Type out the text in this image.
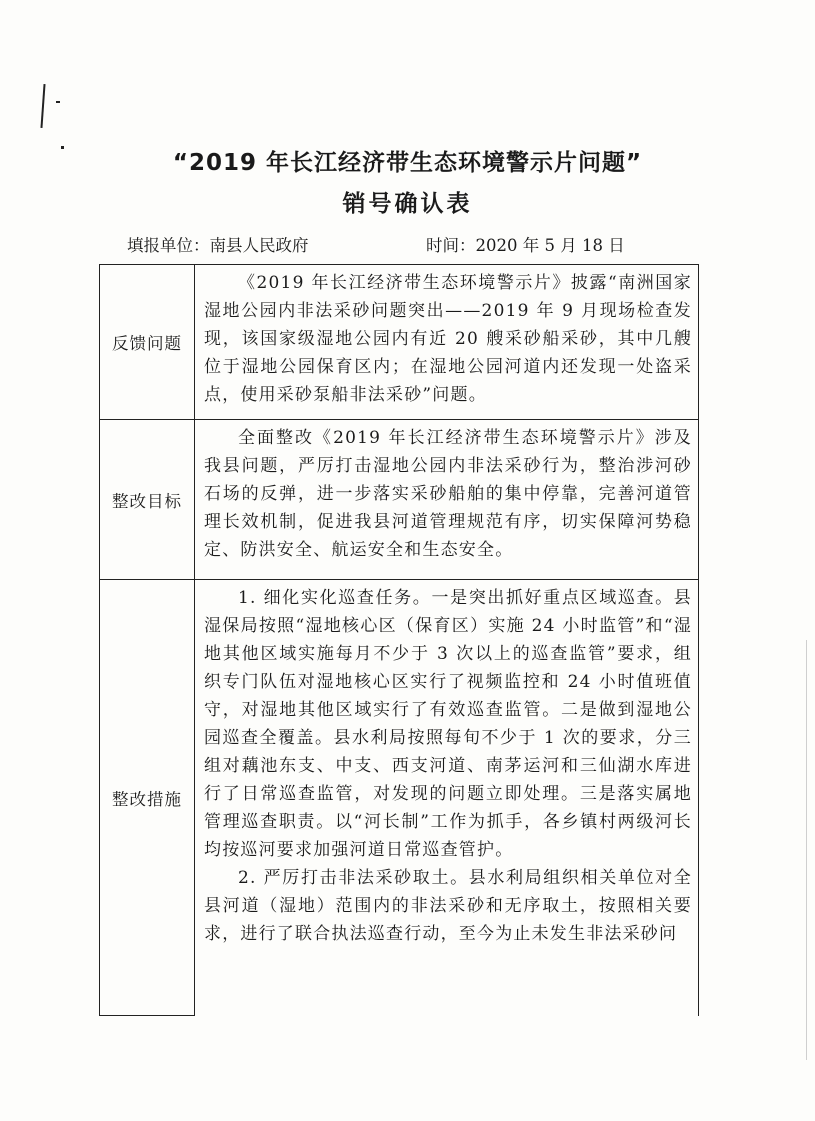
“2019 年长江经济带生态环境警示片问题”
销号确认表
填报单位：南县人民政府	时间：2020 年 5 月 18 日
反馈问题	《2019 年长江经济带生态环境警示片》披露“南洲国家湿地公园内非法采砂问题突出——2019 年 9 月现场检查发现，该国家级湿地公园内有近 20 艘采砂船采砂，其中几艘位于湿地公园保育区内；在湿地公园河道内还发现一处盗采点，使用采砂泵船非法采砂”问题。

整改目标	全面整改《2019 年长江经济带生态环境警示片》涉及我县问题，严厉打击湿地公园内非法采砂行为，整治涉河砂石场的反弹，进一步落实采砂船舶的集中停靠，完善河道管理长效机制，促进我县河道管理规范有序，切实保障河势稳定、防洪安全、航运安全和生态安全。

整改措施	1. 细化实化巡查任务。一是突出抓好重点区域巡查。县湿保局按照“湿地核心区（保育区）实施 24 小时监管”和“湿地其他区域实施每月不少于 3 次以上的巡查监管”要求，组织专门队伍对湿地核心区实行了视频监控和 24 小时值班值守，对湿地其他区域实行了有效巡查监管。二是做到湿地公园巡查全覆盖。县水利局按照每旬不少于 1 次的要求，分三组对藕池东支、中支、西支河道、南茅运河和三仙湖水库进行了日常巡查监管，对发现的问题立即处理。三是落实属地管理巡查职责。以“河长制”工作为抓手，各乡镇村两级河长均按巡河要求加强河道日常巡查管护。

2. 严厉打击非法采砂取土。县水利局组织相关单位对全县河道（湿地）范围内的非法采砂和无序取土，按照相关要求，进行了联合执法巡查行动，至今为止未发生非法采砂问
